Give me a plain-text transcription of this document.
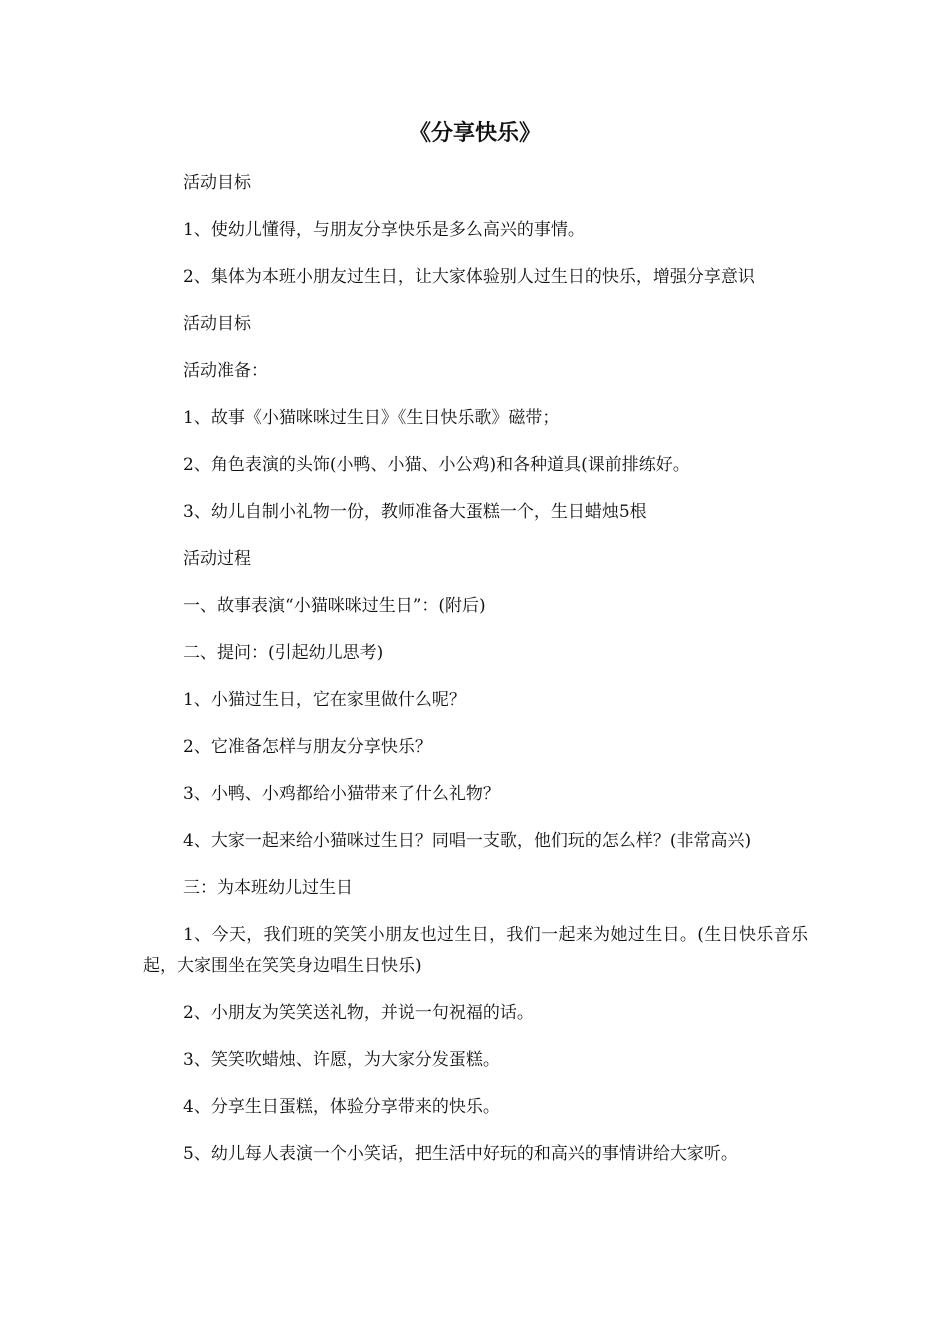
《分享快乐》

活动目标

1、使幼儿懂得，与朋友分享快乐是多么高兴的事情。

2、集体为本班小朋友过生日，让大家体验别人过生日的快乐，增强分享意识

活动目标

活动准备：

1、故事《小猫咪咪过生日》《生日快乐歌》磁带；

2、角色表演的头饰(小鸭、小猫、小公鸡)和各种道具(课前排练好。

3、幼儿自制小礼物一份，教师准备大蛋糕一个，生日蜡烛5根

活动过程

一、故事表演“小猫咪咪过生日”：(附后)

二、提问：(引起幼儿思考)

1、小猫过生日，它在家里做什么呢？

2、它准备怎样与朋友分享快乐？

3、小鸭、小鸡都给小猫带来了什么礼物？

4、大家一起来给小猫咪过生日？同唱一支歌，他们玩的怎么样？(非常高兴)

三：为本班幼儿过生日

1、今天，我们班的笑笑小朋友也过生日，我们一起来为她过生日。(生日快乐音乐起，大家围坐在笑笑身边唱生日快乐)

2、小朋友为笑笑送礼物，并说一句祝福的话。

3、笑笑吹蜡烛、许愿，为大家分发蛋糕。

4、分享生日蛋糕，体验分享带来的快乐。

5、幼儿每人表演一个小笑话，把生活中好玩的和高兴的事情讲给大家听。
